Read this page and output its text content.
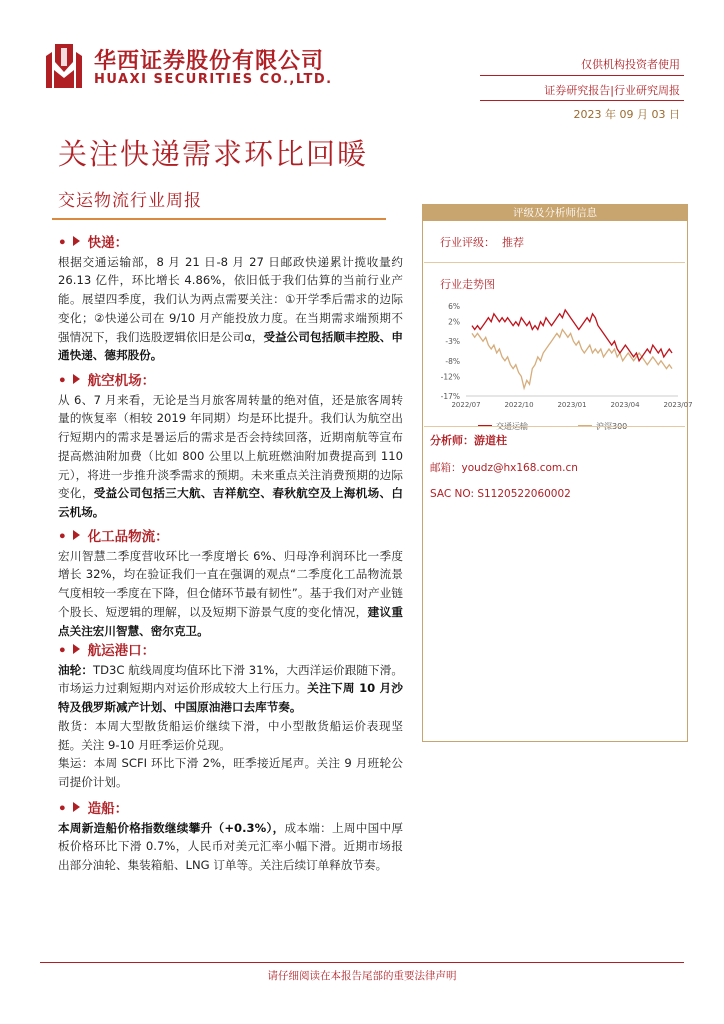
华西证券股份有限公司
HUAXI SECURITIES CO.,LTD.
仅供机构投资者使用
证券研究报告|行业研究周报
2023 年 09 月 03 日
关注快递需求环比回暖
交运物流行业周报
• 快递：

根据交通运输部，8 月 21 日-8 月 27 日邮政快递累计揽收量约 26.13 亿件，环比增长 4.86%，依旧低于我们估算的当前行业产能。展望四季度，我们认为两点需要关注：①开学季后需求的边际变化；②快递公司在 9/10 月产能投放力度。在当期需求端预期不强情况下，我们选股逻辑依旧是公司α，受益公司包括顺丰控股、申通快递、德邦股份。

• 航空机场：

从 6、7 月来看，无论是当月旅客周转量的绝对值，还是旅客周转量的恢复率（相较 2019 年同期）均是环比提升。我们认为航空出行短期内的需求是暑运后的需求是否会持续回落，近期南航等宣布提高燃油附加费（比如 800 公里以上航班燃油附加费提高到 110 元），将进一步推升淡季需求的预期。未来重点关注消费预期的边际变化，受益公司包括三大航、吉祥航空、春秋航空及上海机场、白云机场。

• 化工品物流：

宏川智慧二季度营收环比一季度增长 6%、归母净利润环比一季度增长 32%，均在验证我们一直在强调的观点“二季度化工品物流景气度相较一季度在下降，但仓储环节最有韧性”。基于我们对产业链个股长、短逻辑的理解，以及短期下游景气度的变化情况，建议重点关注宏川智慧、密尔克卫。

• 航运港口：

油轮：TD3C 航线周度均值环比下滑 31%，大西洋运价跟随下滑。市场运力过剩短期内对运价形成较大上行压力。关注下周 10 月沙特及俄罗斯减产计划、中国原油港口去库节奏。

散货：本周大型散货船运价继续下滑，中小型散货船运价表现坚挺。关注 9-10 月旺季运价兑现。

集运：本周 SCFI 环比下滑 2%，旺季接近尾声。关注 9 月班轮公司提价计划。

• 造船：

本周新造船价格指数继续攀升（+0.3%），成本端：上周中国中厚板价格环比下滑 0.7%，人民币对美元汇率小幅下滑。近期市场报出部分油轮、集装箱船、LNG 订单等。关注后续订单释放节奏。

评级及分析师信息
行业评级： 推荐
行业走势图
6%
2%
-3%
-8%
-12%
-17%
2022/07	2022/10	2023/01	2023/04	2023/07
分析师：游道柱
邮箱：youdz@hx168.com.cn
SAC NO: S1120522060002
请仔细阅读在本报告尾部的重要法律声明
